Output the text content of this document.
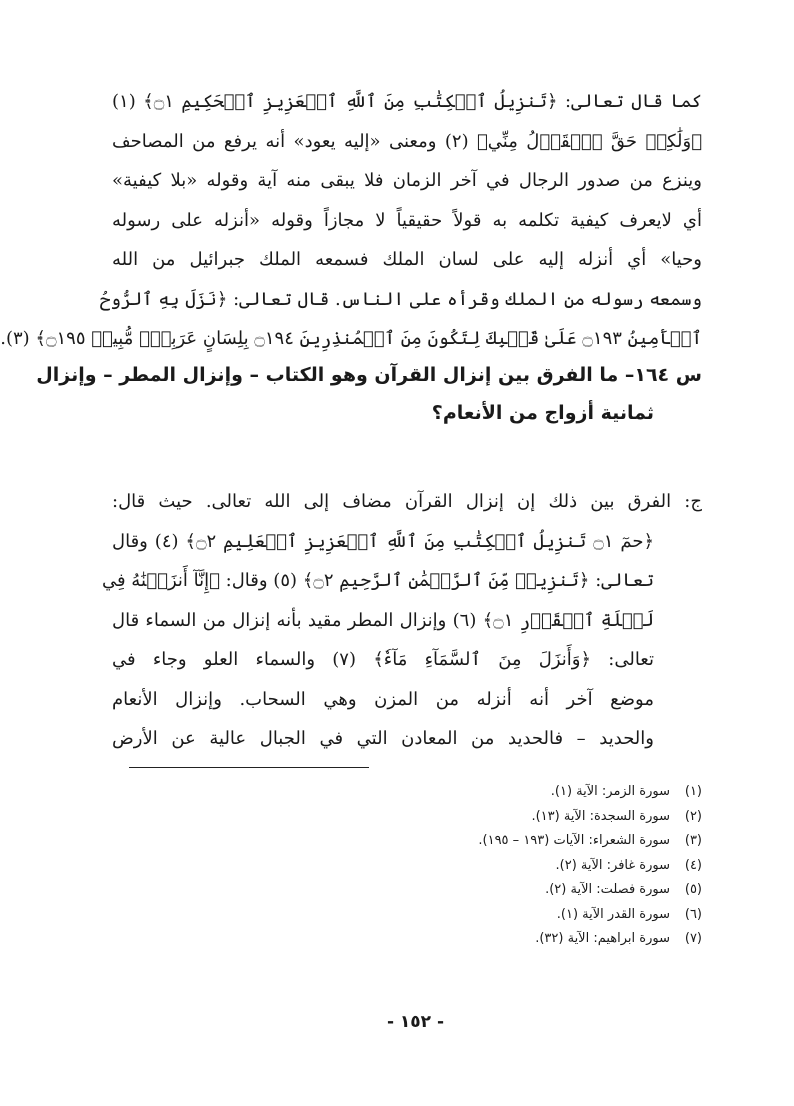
كما قال تعالى: ﴿تَنزِيلُ ٱلۡكِتَٰبِ مِنَ ٱللَّهِ ٱلۡعَزِيزِ ٱلۡحَكِيمِ ۝١﴾ (١)
﴿وَلَٰكِنۡ حَقَّ ٱلۡقَوۡلُ مِنِّي﴾ (٢) ومعنى «إليه يعود» أنه يرفع من المصاحف
وينزع من صدور الرجال في آخر الزمان فلا يبقى منه آية وقوله «بلا كيفية»
أي لايعرف كيفية تكلمه به قولاً حقيقياً لا مجازاً وقوله «أنزله على رسوله
وحيا» أي أنزله إليه على لسان الملك فسمعه الملك جبرائيل من الله
وسمعه رسوله من الملك وقرأه على الناس. قال تعالى: ﴿نَزَلَ بِهِ ٱلرُّوحُ
ٱلۡأَمِينُ ۝١٩٣ عَلَىٰ قَلۡبِكَ لِتَكُونَ مِنَ ٱلۡمُنذِرِينَ ۝١٩٤ بِلِسَانٍ عَرَبِيّٖ مُّبِينٖ ۝١٩٥﴾ (٣).
س ١٦٤– ما الفرق بين إنزال القرآن وهو الكتاب – وإنزال المطر – وإنزال
ثمانية أزواج من الأنعام؟
ج: الفرق بين ذلك إن إنزال القرآن مضاف إلى الله تعالى. حيث قال:
﴿حمٓ ۝١ تَنزِيلُ ٱلۡكِتَٰبِ مِنَ ٱللَّهِ ٱلۡعَزِيزِ ٱلۡعَلِيمِ ۝٢﴾ (٤) وقال
تعالى: ﴿تَنزِيلٞ مِّنَ ٱلرَّحۡمَٰنِ ٱلرَّحِيمِ ۝٢﴾ (٥) وقال: ﴿إِنَّآ أَنزَلۡنَٰهُ فِي
لَيۡلَةِ ٱلۡقَدۡرِ ۝١﴾ (٦) وإنزال المطر مقيد بأنه إنزال من السماء قال
تعالى: ﴿وَأَنزَلَ مِنَ ٱلسَّمَآءِ مَآءٗ﴾ (٧) والسماء العلو وجاء في
موضع آخر أنه أنزله من المزن وهي السحاب. وإنزال الأنعام
والحديد – فالحديد من المعادن التي في الجبال عالية عن الأرض
(١)سورة الزمر: الآية (١).
(٢)سورة السجدة: الآية (١٣).
(٣)سورة الشعراء: الآيات (١٩٣ – ١٩٥).
(٤)سورة غافر: الآية (٢).
(٥)سورة فصلت: الآية (٢).
(٦)سورة القدر الآية (١).
(٧)سورة ابراهيم: الآية (٣٢).
- ١٥٢ -
